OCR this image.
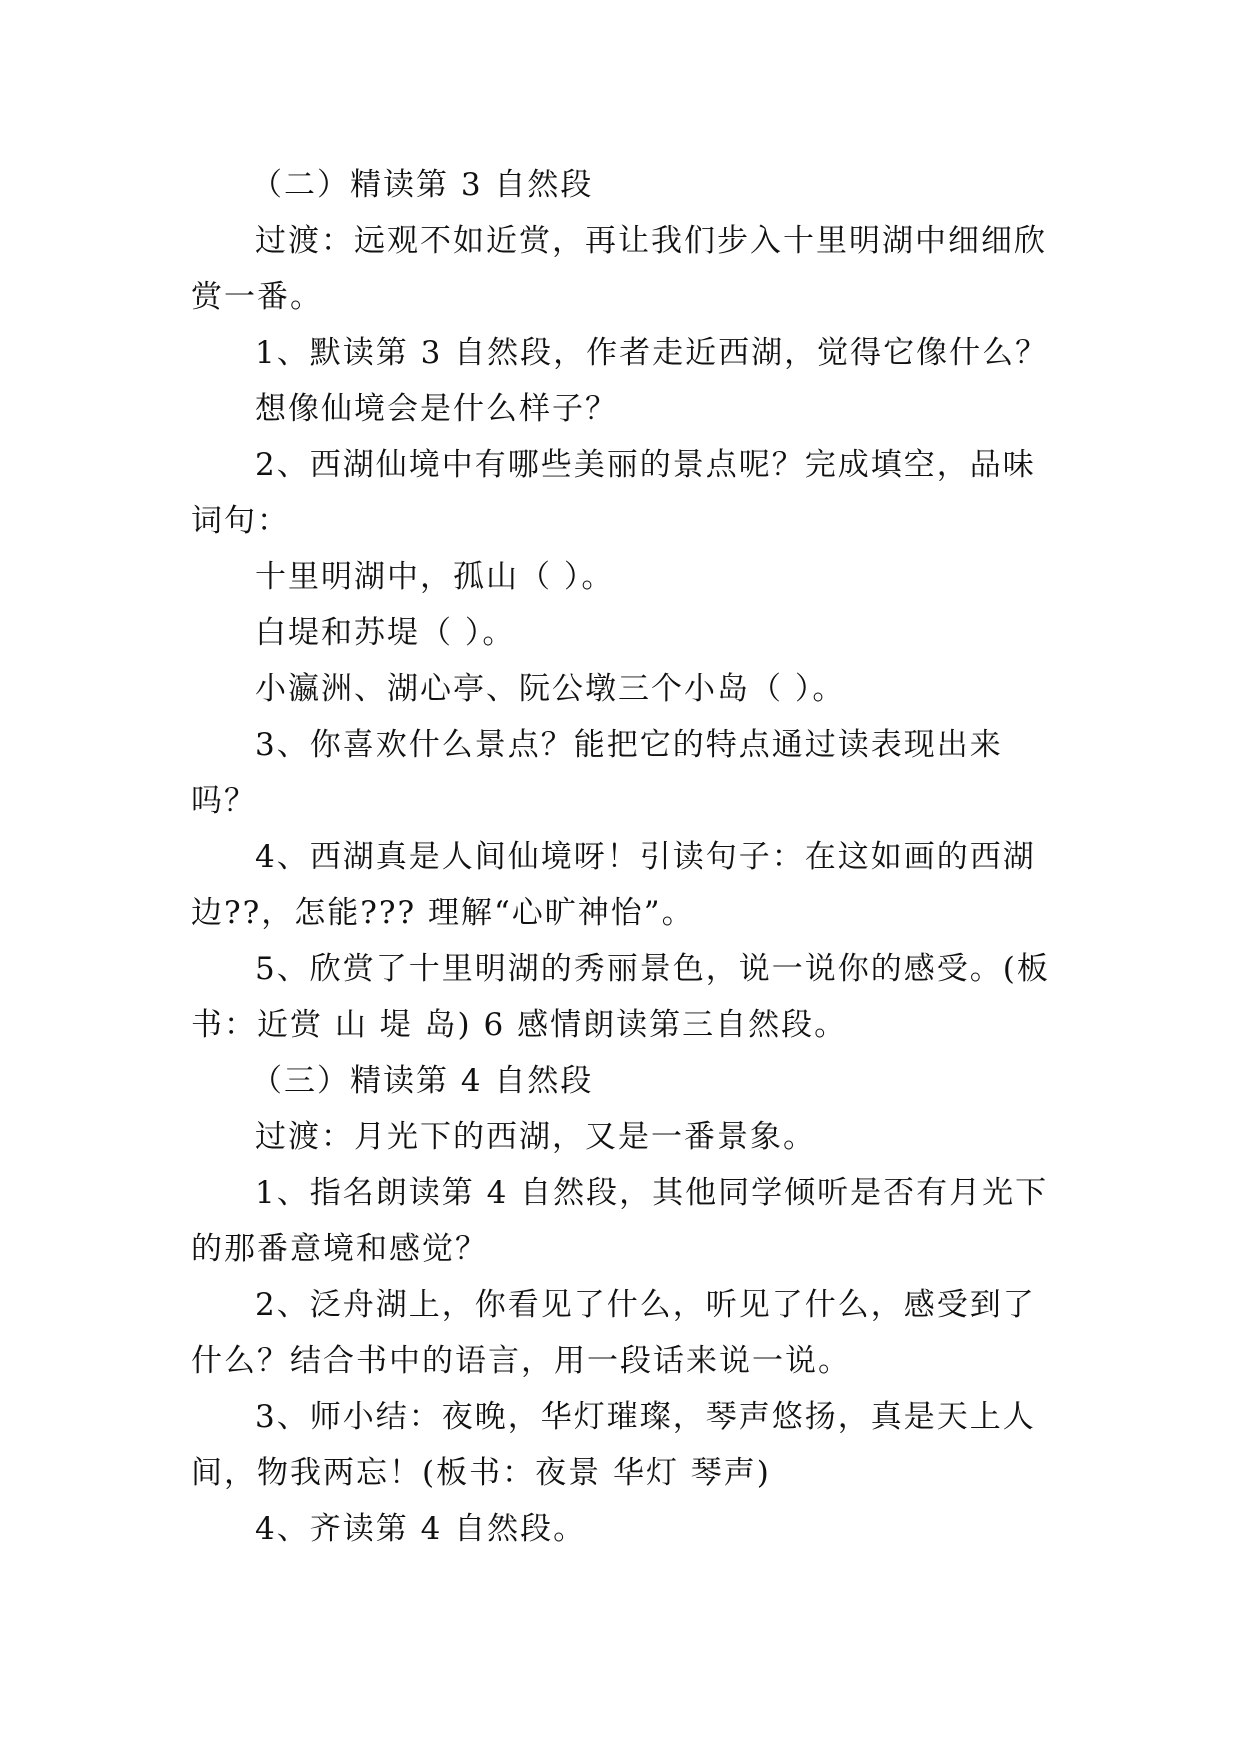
（二）精读第 3 自然段

过渡：远观不如近赏，再让我们步入十里明湖中细细欣赏一番。

1、默读第 3 自然段，作者走近西湖，觉得它像什么？

想像仙境会是什么样子？

2、西湖仙境中有哪些美丽的景点呢？完成填空，品味词句：

十里明湖中，孤山（ ）。

白堤和苏堤（ ）。

小瀛洲、湖心亭、阮公墩三个小岛（ ）。

3、你喜欢什么景点？能把它的特点通过读表现出来吗？

4、西湖真是人间仙境呀！引读句子：在这如画的西湖边??，怎能??? 理解“心旷神怡”。

5、欣赏了十里明湖的秀丽景色，说一说你的感受。(板书：近赏 山 堤 岛) 6 感情朗读第三自然段。

（三）精读第 4 自然段

过渡：月光下的西湖，又是一番景象。

1、指名朗读第 4 自然段，其他同学倾听是否有月光下的那番意境和感觉？

2、泛舟湖上，你看见了什么，听见了什么，感受到了什么？结合书中的语言，用一段话来说一说。

3、师小结：夜晚，华灯璀璨，琴声悠扬，真是天上人间，物我两忘！(板书：夜景 华灯 琴声)

4、齐读第 4 自然段。
